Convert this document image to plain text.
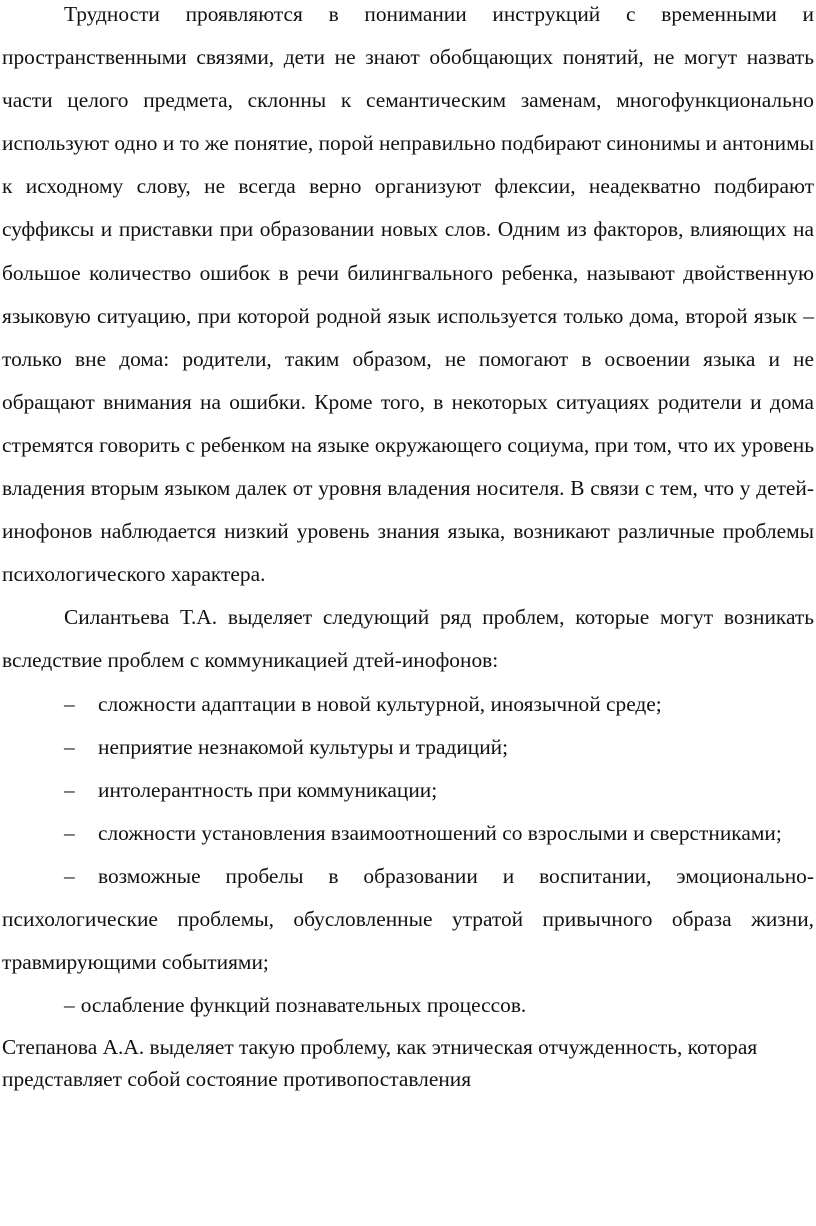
Трудности проявляются в понимании инструкций с временными и пространственными связями, дети не знают обобщающих понятий, не могут назвать части целого предмета, склонны к семантическим заменам, многофункционально используют одно и то же понятие, порой неправильно подбирают синонимы и антонимы к исходному слову, не всегда верно организуют флексии, неадекватно подбирают суффиксы и приставки при образовании новых слов. Одним из факторов, влияющих на большое количество ошибок в речи билингвального ребенка, называют двойственную языковую ситуацию, при которой родной язык используется только дома, второй язык – только вне дома: родители, таким образом, не помогают в освоении языка и не обращают внимания на ошибки. Кроме того, в некоторых ситуациях родители и дома стремятся говорить с ребенком на языке окружающего социума, при том, что их уровень владения вторым языком далек от уровня владения носителя. В связи с тем, что у детей-инофонов наблюдается низкий уровень знания языка, возникают различные проблемы психологического характера.

Силантьева Т.А. выделяет следующий ряд проблем, которые могут возникать вследствие проблем с коммуникацией дтей-инофонов:

– сложности адаптации в новой культурной, иноязычной среде;

– неприятие незнакомой культуры и традиций;

– интолерантность при коммуникации;

– сложности установления взаимоотношений со взрослыми и сверстниками;

– возможные пробелы в образовании и воспитании, эмоционально-психологические проблемы, обусловленные утратой привычного образа жизни, травмирующими событиями;

– ослабление функций познавательных процессов.

Степанова А.А. выделяет такую проблему, как этническая отчужденность, которая представляет собой состояние противопоставления
